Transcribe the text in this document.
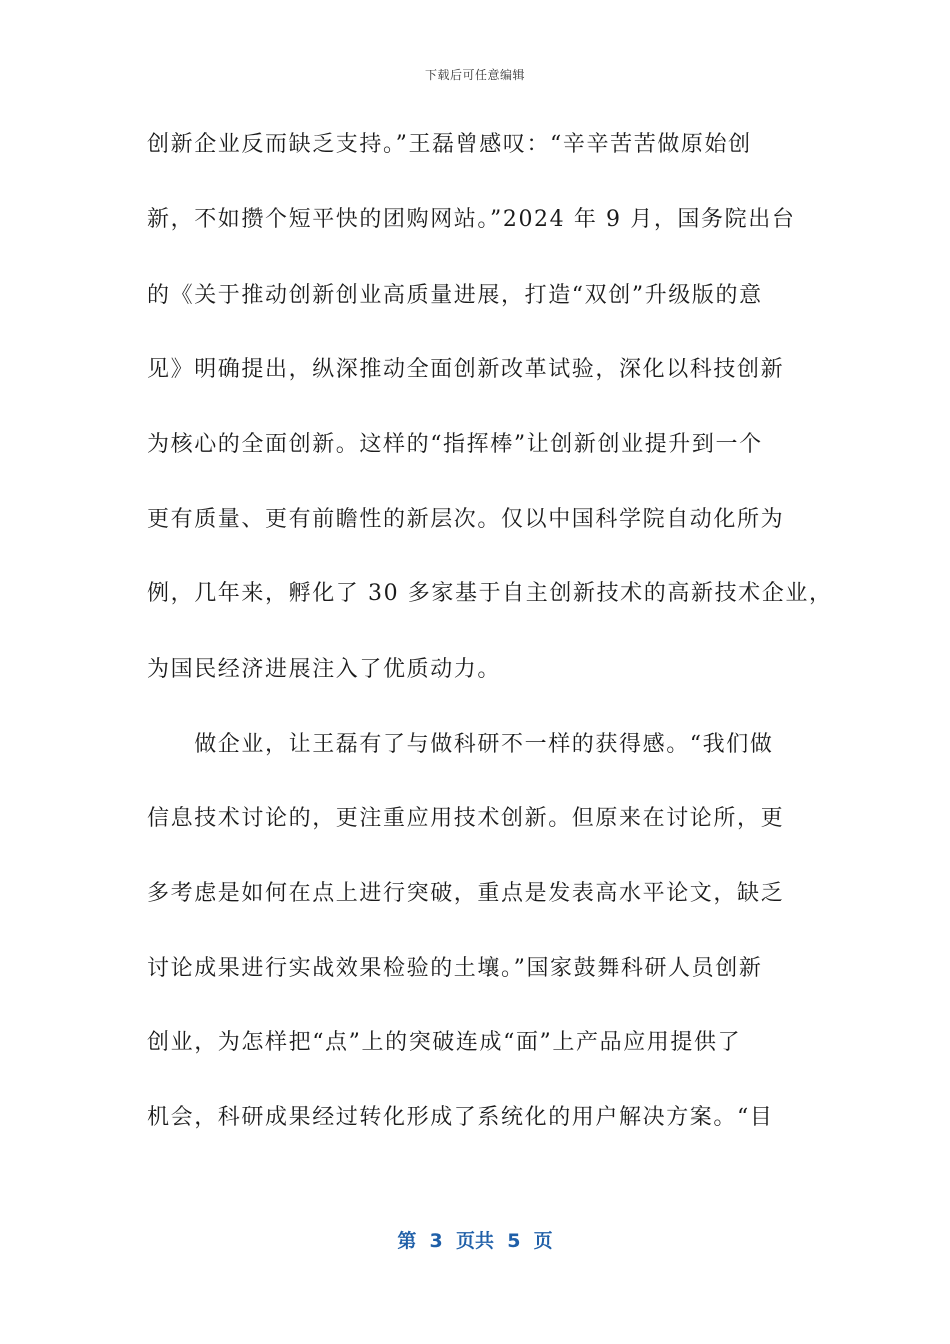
下载后可任意编辑
创新企业反而缺乏支持。”王磊曾感叹：“辛辛苦苦做原始创
新，不如攒个短平快的团购网站。”2024 年 9 月，国务院出台
的《关于推动创新创业高质量进展，打造“双创”升级版的意
见》明确提出，纵深推动全面创新改革试验，深化以科技创新
为核心的全面创新。这样的“指挥棒”让创新创业提升到一个
更有质量、更有前瞻性的新层次。仅以中国科学院自动化所为
例，几年来，孵化了 30 多家基于自主创新技术的高新技术企业，
为国民经济进展注入了优质动力。
　　做企业，让王磊有了与做科研不一样的获得感。“我们做
信息技术讨论的，更注重应用技术创新。但原来在讨论所，更
多考虑是如何在点上进行突破，重点是发表高水平论文，缺乏
讨论成果进行实战效果检验的土壤。”国家鼓舞科研人员创新
创业，为怎样把“点”上的突破连成“面”上产品应用提供了
机会，科研成果经过转化形成了系统化的用户解决方案。“目
第  3  页共  5  页
